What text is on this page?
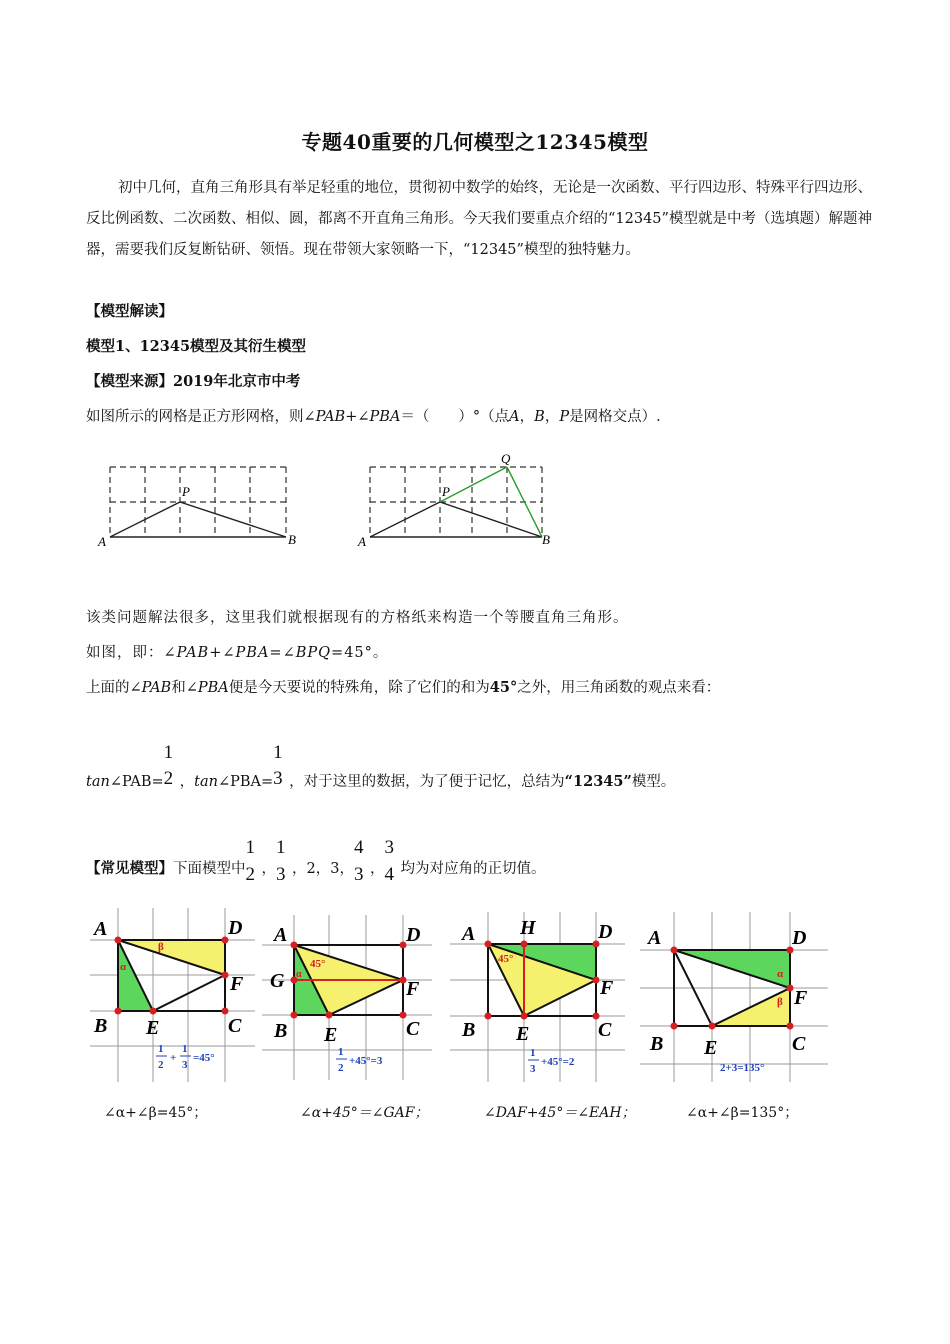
专题40重要的几何模型之12345模型
初中几何，直角三角形具有举足轻重的地位，贯彻初中数学的始终，无论是一次函数、平行四边形、特殊平行四边形、反比例函数、二次函数、相似、圆，都离不开直角三角形。今天我们要重点介绍的“12345”模型就是中考（选填题）解题神器，需要我们反复断钻研、领悟。现在带领大家领略一下，“12345”模型的独特魅力。
【模型解读】
模型1、12345模型及其衍生模型
【模型来源】2019年北京市中考
如图所示的网格是正方形网格，则∠PAB+∠PBA＝（　　）°（点A，B，P是网格交点）.
A	B
P
A	B
P
Q
该类问题解法很多，这里我们就根据现有的方格纸来构造一个等腰直角三角形。
如图，即：∠PAB+∠PBA=∠BPQ=45°。
上面的∠PAB和∠PBA便是今天要说的特殊角，除了它们的和为45°之外，用三角函数的观点来看：
tan∠PAB=
1
2 ，tan∠PBA=
1
3 ，对于这里的数据，为了便于记忆，总结为“12345”模型。
【常见模型】下面模型中
1
2 ，
1
3 ，2，3，
4
3 ，
3
4 均为对应角的正切值。
β
α
A	D
F
B E	C
1
2
+
1
3
=45°
45°
α
A	D
F
G
B E	C
1
2
+45°=3
45°
A H	D
F
B E	C
1
3
+45°=2
α
β
A	D
F
B E	C
2+3=135°
∠α+∠β=45°；	∠α+45°＝∠GAF；	∠DAF+45°＝∠EAH；	∠α+∠β=135°；
